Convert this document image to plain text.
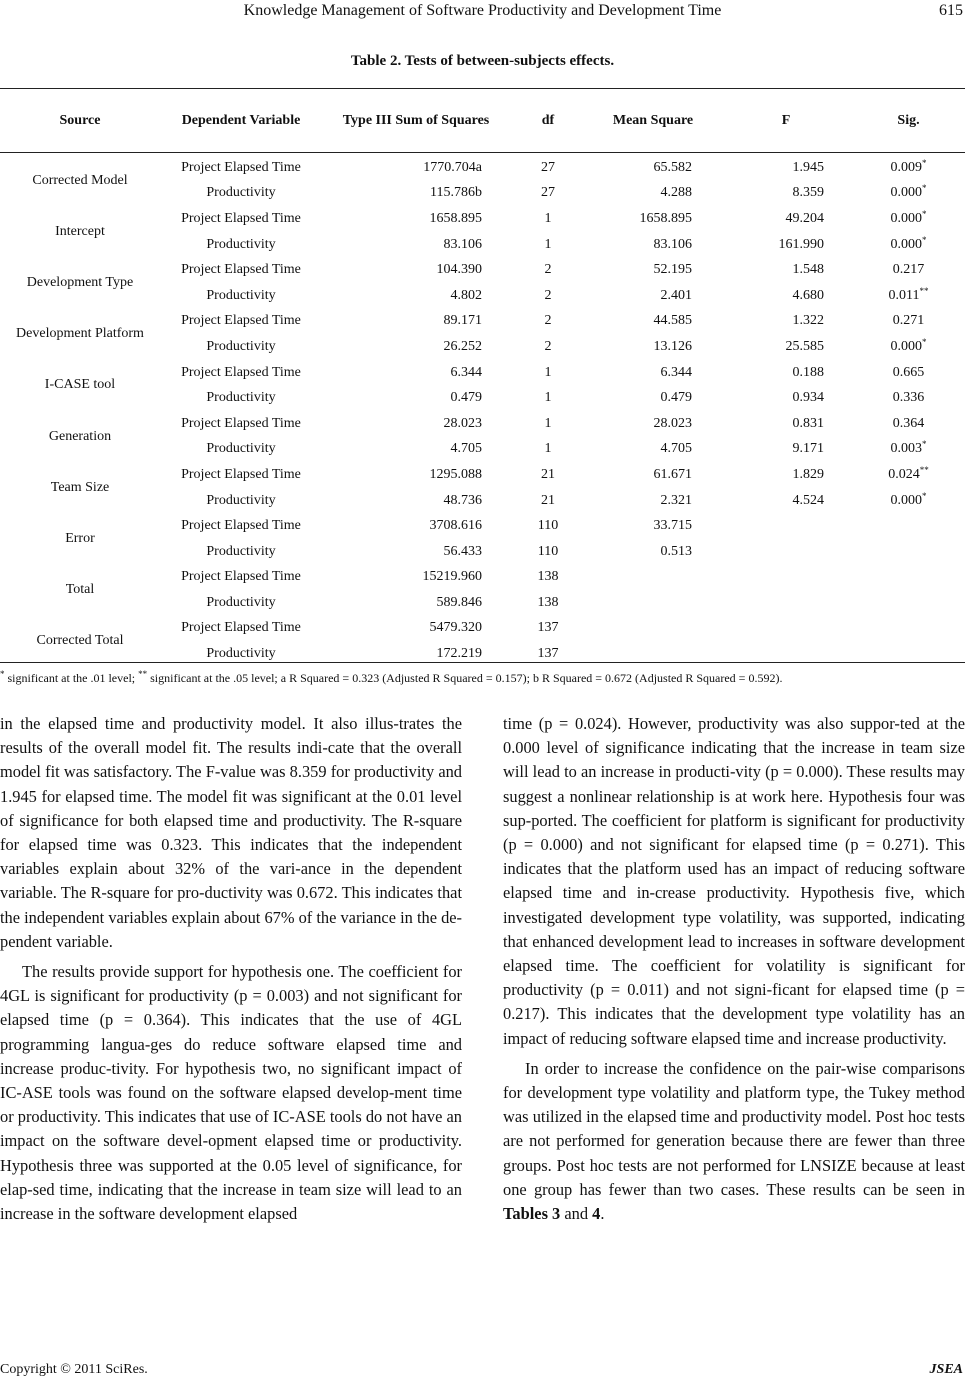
Knowledge Management of Software Productivity and Development Time	615
Table 2. Tests of between-subjects effects.
Source	Dependent Variable	Type III Sum of Squares	df	Mean Square	F	Sig.
Corrected Model	Project Elapsed Time	1770.704a	27	65.582	1.945	0.009*
	Productivity	115.786b	27	4.288	8.359	0.000*
Intercept	Project Elapsed Time	1658.895	1	1658.895	49.204	0.000*
	Productivity	83.106	1	83.106	161.990	0.000*
Development Type	Project Elapsed Time	104.390	2	52.195	1.548	0.217
	Productivity	4.802	2	2.401	4.680	0.011**
Development Platform	Project Elapsed Time	89.171	2	44.585	1.322	0.271
	Productivity	26.252	2	13.126	25.585	0.000*
I-CASE tool	Project Elapsed Time	6.344	1	6.344	0.188	0.665
	Productivity	0.479	1	0.479	0.934	0.336
Generation	Project Elapsed Time	28.023	1	28.023	0.831	0.364
	Productivity	4.705	1	4.705	9.171	0.003*
Team Size	Project Elapsed Time	1295.088	21	61.671	1.829	0.024**
	Productivity	48.736	21	2.321	4.524	0.000*
Error	Project Elapsed Time	3708.616	110	33.715		
	Productivity	56.433	110	0.513		
Total	Project Elapsed Time	15219.960	138			
	Productivity	589.846	138			
Corrected Total	Project Elapsed Time	5479.320	137			
	Productivity	172.219	137			
* significant at the .01 level; ** significant at the .05 level; a R Squared = 0.323 (Adjusted R Squared = 0.157); b R Squared = 0.672 (Adjusted R Squared = 0.592).

in the elapsed time and productivity model. It also illus-trates the results of the overall model fit. The results indi-cate that the overall model fit was satisfactory. The F-value was 8.359 for productivity and 1.945 for elapsed time. The model fit was significant at the 0.01 level of significance for both elapsed time and productivity. The R-square for elapsed time was 0.323. This indicates that the independent variables explain about 32% of the vari-ance in the dependent variable. The R-square for pro-ductivity was 0.672. This indicates that the independent variables explain about 67% of the variance in the de-pendent variable.

The results provide support for hypothesis one. The coefficient for 4GL is significant for productivity (p = 0.003) and not significant for elapsed time (p = 0.364). This indicates that the use of 4GL programming langua-ges do reduce software elapsed time and increase produc-tivity. For hypothesis two, no significant impact of IC-ASE tools was found on the software elapsed develop-ment time or productivity. This indicates that use of IC-ASE tools do not have an impact on the software devel-opment elapsed time or productivity. Hypothesis three was supported at the 0.05 level of significance, for elap-sed time, indicating that the increase in team size will lead to an increase in the software development elapsed

time (p = 0.024). However, productivity was also suppor-ted at the 0.000 level of significance indicating that the increase in team size will lead to an increase in producti-vity (p = 0.000). These results may suggest a nonlinear relationship is at work here. Hypothesis four was sup-ported. The coefficient for platform is significant for productivity (p = 0.000) and not significant for elapsed time (p = 0.271). This indicates that the platform used has an impact of reducing software elapsed time and in-crease productivity. Hypothesis five, which investigated development type volatility, was supported, indicating that enhanced development lead to increases in software development elapsed time. The coefficient for volatility is significant for productivity (p = 0.011) and not signi-ficant for elapsed time (p = 0.217). This indicates that the development type volatility has an impact of reducing software elapsed time and increase productivity.

In order to increase the confidence on the pair-wise comparisons for development type volatility and platform type, the Tukey method was utilized in the elapsed time and productivity model. Post hoc tests are not performed for generation because there are fewer than three groups. Post hoc tests are not performed for LNSIZE because at least one group has fewer than two cases. These results can be seen in Tables 3 and 4.

Copyright © 2011 SciRes.	JSEA
